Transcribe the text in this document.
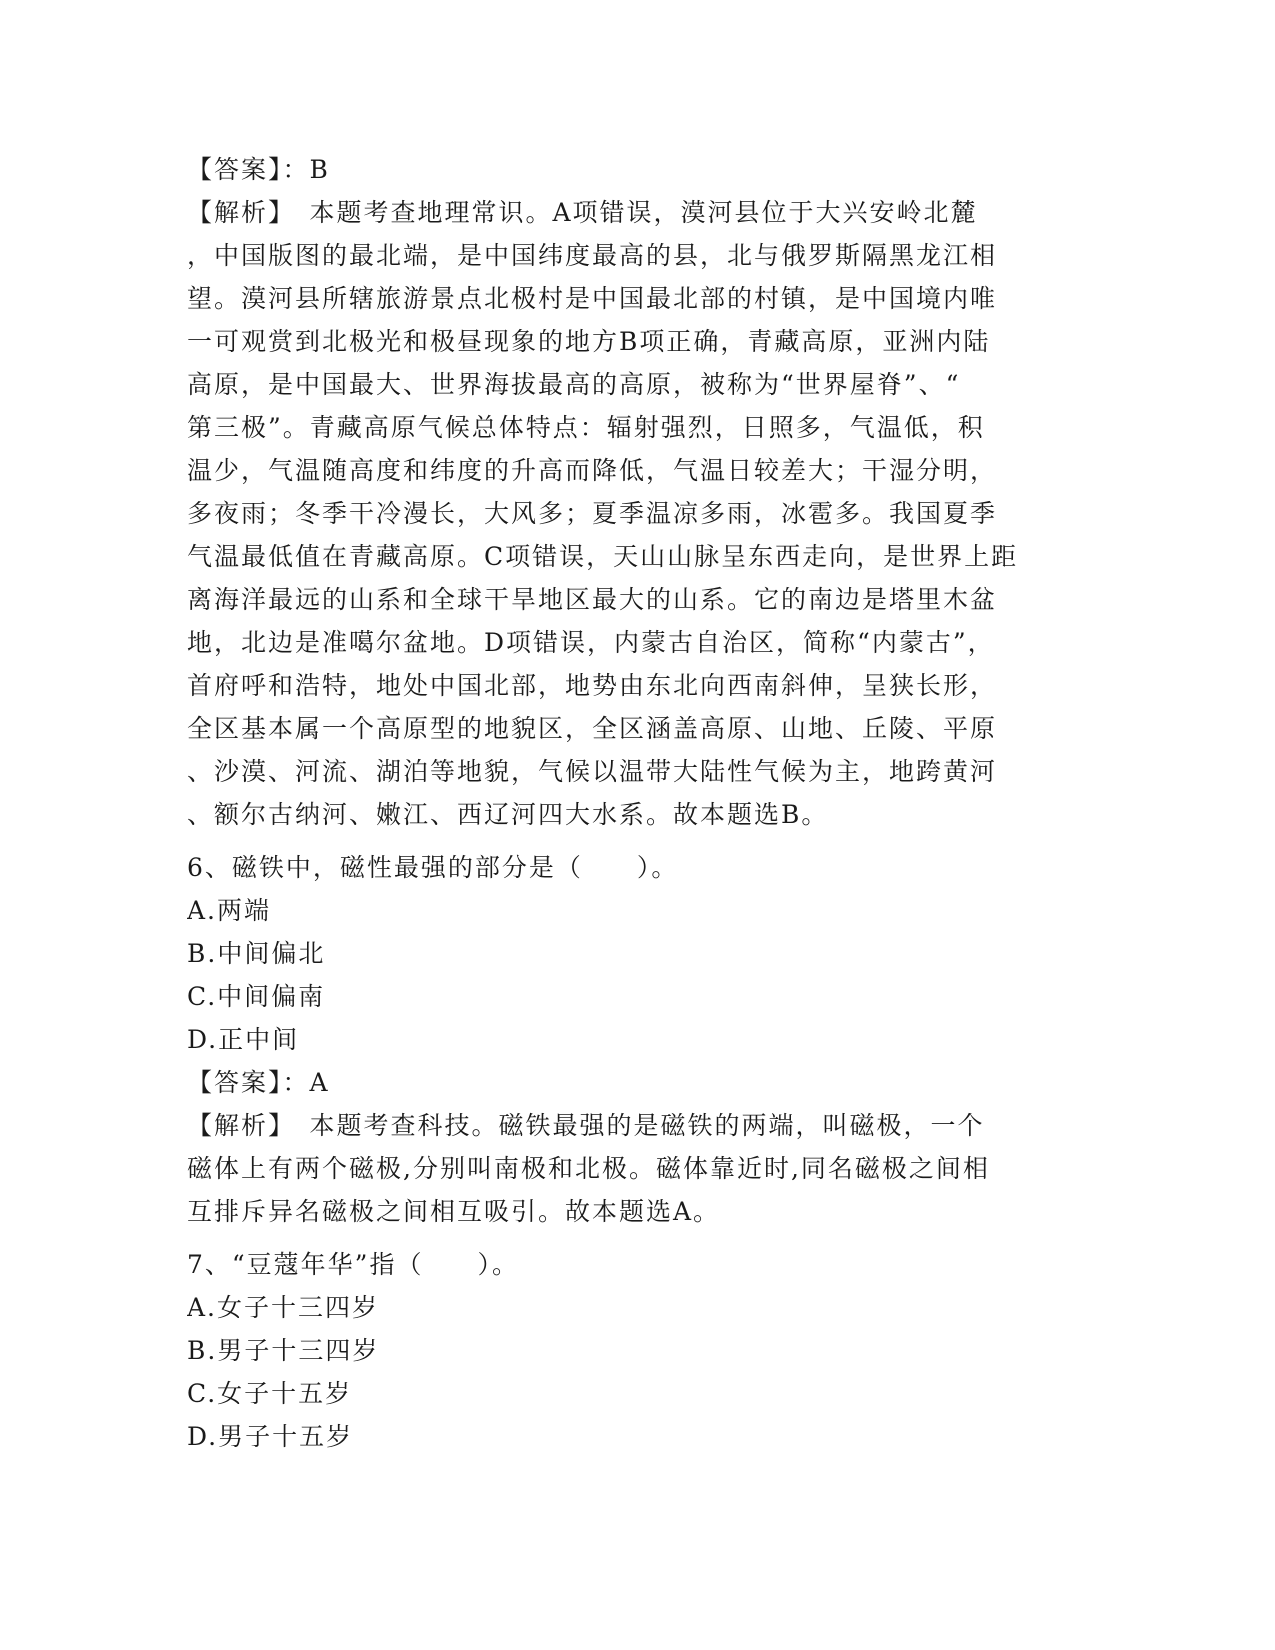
【答案】：B
【解析】　本题考查地理常识。A项错误，漠河县位于大兴安岭北麓
，中国版图的最北端，是中国纬度最高的县，北与俄罗斯隔黑龙江相
望。漠河县所辖旅游景点北极村是中国最北部的村镇，是中国境内唯
一可观赏到北极光和极昼现象的地方B项正确，青藏高原，亚洲内陆
高原，是中国最大、世界海拔最高的高原，被称为“世界屋脊”、“
第三极”。青藏高原气候总体特点：辐射强烈，日照多，气温低，积
温少，气温随高度和纬度的升高而降低，气温日较差大；干湿分明，
多夜雨；冬季干冷漫长，大风多；夏季温凉多雨，冰雹多。我国夏季
气温最低值在青藏高原。C项错误，天山山脉呈东西走向，是世界上距
离海洋最远的山系和全球干旱地区最大的山系。它的南边是塔里木盆
地，北边是准噶尔盆地。D项错误，内蒙古自治区，简称“内蒙古”，
首府呼和浩特，地处中国北部，地势由东北向西南斜伸，呈狭长形，
全区基本属一个高原型的地貌区，全区涵盖高原、山地、丘陵、平原
、沙漠、河流、湖泊等地貌，气候以温带大陆性气候为主，地跨黄河
、额尔古纳河、嫩江、西辽河四大水系。故本题选B。
6、磁铁中，磁性最强的部分是（　　）。
A.两端
B.中间偏北
C.中间偏南
D.正中间
【答案】：A
【解析】　本题考查科技。磁铁最强的是磁铁的两端，叫磁极，一个
磁体上有两个磁极,分别叫南极和北极。磁体靠近时,同名磁极之间相
互排斥异名磁极之间相互吸引。故本题选A。
7、“豆蔻年华”指（　　）。
A.女子十三四岁
B.男子十三四岁
C.女子十五岁
D.男子十五岁
